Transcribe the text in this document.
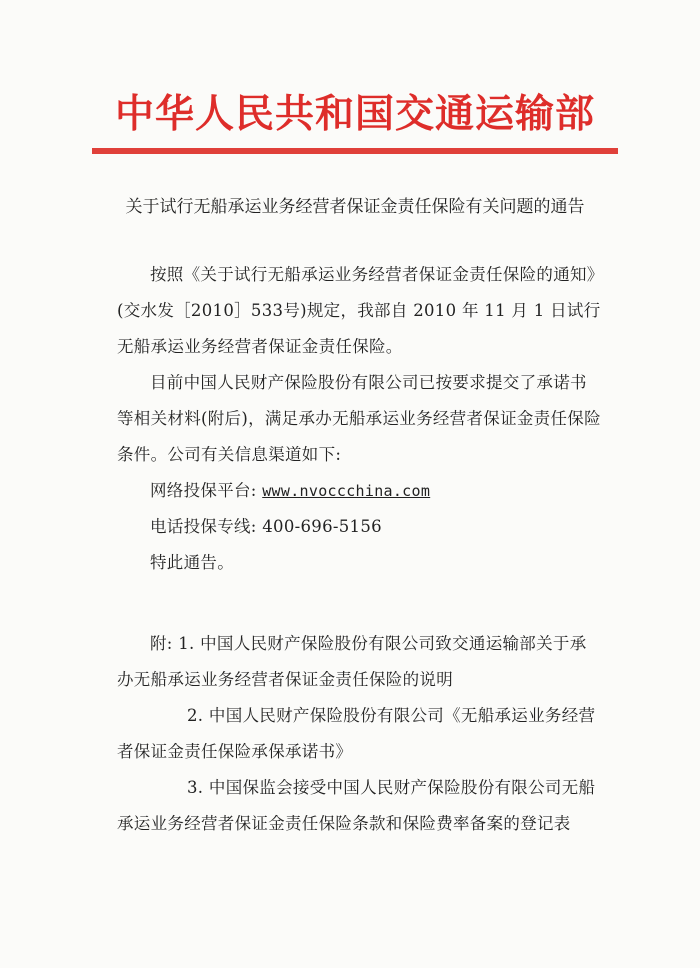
中华人民共和国交通运输部
关于试行无船承运业务经营者保证金责任保险有关问题的通告

按照《关于试行无船承运业务经营者保证金责任保险的通知》(交水发［2010］533号)规定，我部自 2010 年 11 月 1 日试行无船承运业务经营者保证金责任保险。

目前中国人民财产保险股份有限公司已按要求提交了承诺书等相关材料(附后)，满足承办无船承运业务经营者保证金责任保险条件。公司有关信息渠道如下:

网络投保平台: www.nvoccchina.com

电话投保专线: 400-696-5156

特此通告。

附: 1. 中国人民财产保险股份有限公司致交通运输部关于承办无船承运业务经营者保证金责任保险的说明

2. 中国人民财产保险股份有限公司《无船承运业务经营者保证金责任保险承保承诺书》

3. 中国保监会接受中国人民财产保险股份有限公司无船承运业务经营者保证金责任保险条款和保险费率备案的登记表
